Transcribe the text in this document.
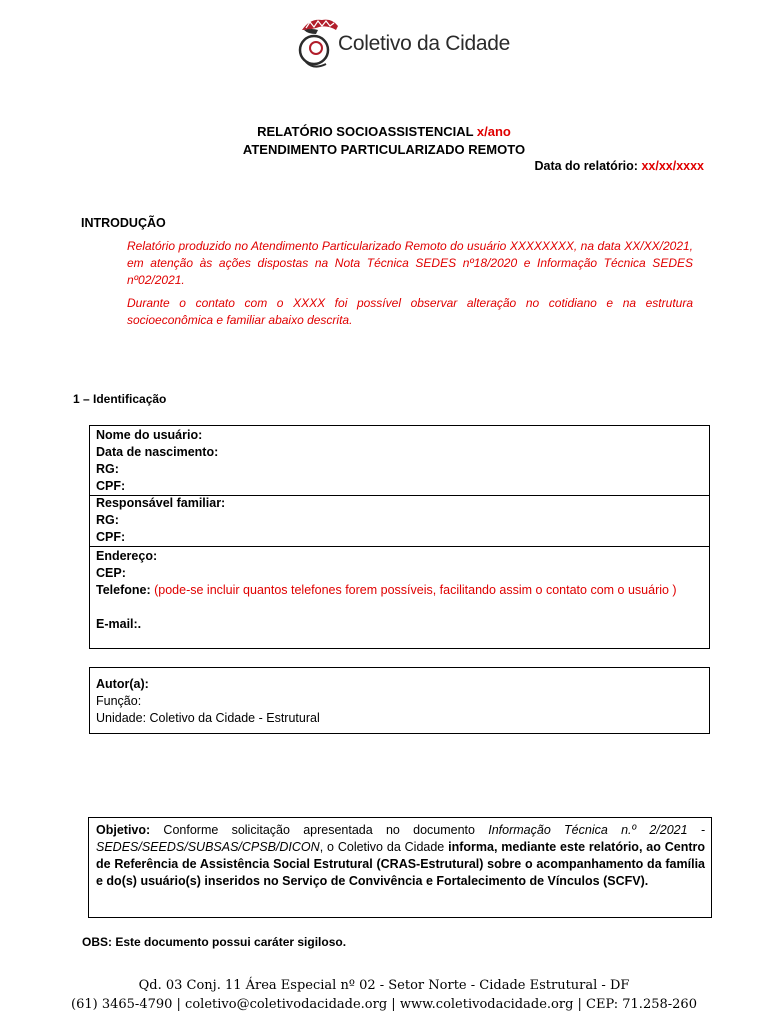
Coletivo da Cidade
RELATÓRIO SOCIOASSISTENCIAL x/ano
ATENDIMENTO PARTICULARIZADO REMOTO
Data do relatório: xx/xx/xxxx
INTRODUÇÃO
Relatório produzido no Atendimento Particularizado Remoto do usuário XXXXXXXX, na data XX/XX/2021, em atenção às ações dispostas na Nota Técnica SEDES nº18/2020 e Informação Técnica SEDES nº02/2021.
Durante o contato com o XXXX foi possível observar alteração no cotidiano e na estrutura socioeconômica e familiar abaixo descrita.
1 – Identificação
Nome do usuário:
Data de nascimento:
RG:
CPF:
Responsável familiar:
RG:
CPF:
Endereço:
CEP:
Telefone: (pode-se incluir quantos telefones forem possíveis, facilitando assim o contato com o usuário )
E-mail:.
Autor(a):
Função:
Unidade: Coletivo da Cidade - Estrutural
Objetivo: Conforme solicitação apresentada no documento Informação Técnica n.º 2/2021 - SEDES/SEEDS/SUBSAS/CPSB/DICON, o Coletivo da Cidade informa, mediante este relatório, ao Centro de Referência de Assistência Social Estrutural (CRAS-Estrutural) sobre o acompanhamento da família e do(s) usuário(s) inseridos no Serviço de Convivência e Fortalecimento de Vínculos (SCFV).
OBS: Este documento possui caráter sigiloso.
Qd. 03 Conj. 11 Área Especial nº 02 - Setor Norte - Cidade Estrutural - DF
(61) 3465-4790 | coletivo@coletivodacidade.org | www.coletivodacidade.org | CEP: 71.258-260
